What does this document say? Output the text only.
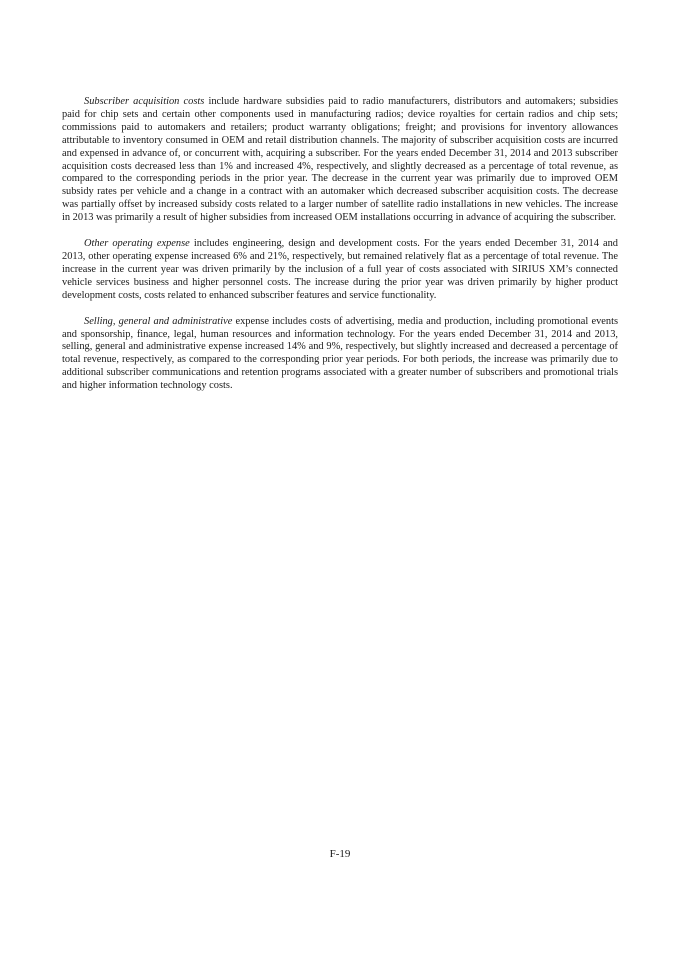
Subscriber acquisition costs include hardware subsidies paid to radio manufacturers, distributors and automakers; subsidies paid for chip sets and certain other components used in manufacturing radios; device royalties for certain radios and chip sets; commissions paid to automakers and retailers; product warranty obligations; freight; and provisions for inventory allowances attributable to inventory consumed in OEM and retail distribution channels. The majority of subscriber acquisition costs are incurred and expensed in advance of, or concurrent with, acquiring a subscriber. For the years ended December 31, 2014 and 2013 subscriber acquisition costs decreased less than 1% and increased 4%, respectively, and slightly decreased as a percentage of total revenue, as compared to the corresponding periods in the prior year. The decrease in the current year was primarily due to improved OEM subsidy rates per vehicle and a change in a contract with an automaker which decreased subscriber acquisition costs. The decrease was partially offset by increased subsidy costs related to a larger number of satellite radio installations in new vehicles. The increase in 2013 was primarily a result of higher subsidies from increased OEM installations occurring in advance of acquiring the subscriber.

Other operating expense includes engineering, design and development costs. For the years ended December 31, 2014 and 2013, other operating expense increased 6% and 21%, respectively, but remained relatively flat as a percentage of total revenue. The increase in the current year was driven primarily by the inclusion of a full year of costs associated with SIRIUS XM’s connected vehicle services business and higher personnel costs. The increase during the prior year was driven primarily by higher product development costs, costs related to enhanced subscriber features and service functionality.

Selling, general and administrative expense includes costs of advertising, media and production, including promotional events and sponsorship, finance, legal, human resources and information technology. For the years ended December 31, 2014 and 2013, selling, general and administrative expense increased 14% and 9%, respectively, but slightly increased and decreased a percentage of total revenue, respectively, as compared to the corresponding prior year periods. For both periods, the increase was primarily due to additional subscriber communications and retention programs associated with a greater number of subscribers and promotional trials and higher information technology costs.

F-19
